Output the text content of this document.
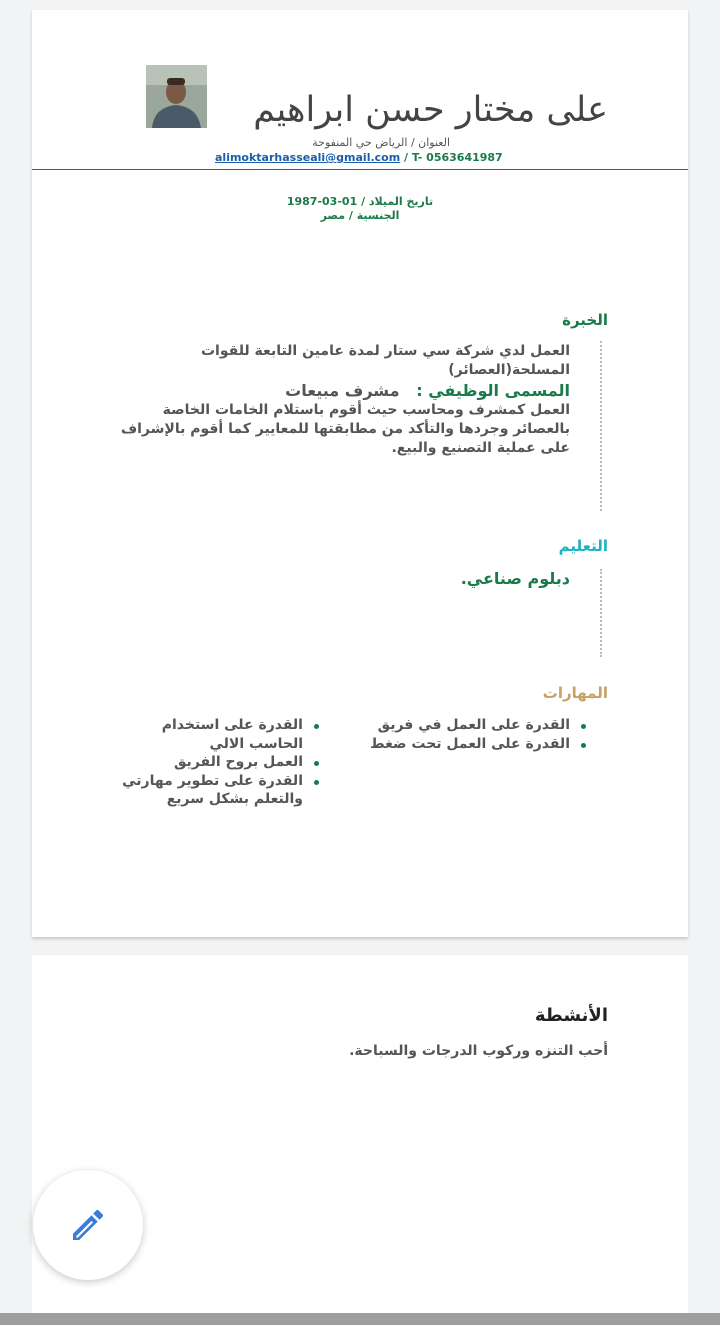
على مختار حسن ابراهيم
العنوان / الرياض حي المنفوحة
alimoktarhasseali@gmail.com / T- 0563641987
تاريخ الميلاد / 01-03-1987
الجنسية / مصر
الخبرة
العمل لدي شركة سي ستار لمدة عامين التابعة للقوات المسلحة(العصائر)
المسمى الوظيفي :   مشرف مبيعات
العمل كمشرف ومحاسب حيث أقوم باستلام الخامات الخاصة بالعصائر وجردها والتأكد من مطابقتها للمعايير كما أقوم بالإشراف على عملية التصنيع والبيع.
التعليم
دبلوم صناعي.
المهارات
القدرة على العمل في فريق
القدرة على العمل تحت ضغط
القدرة على استخدام الحاسب الالي
العمل بروح الفريق
القدرة على تطوير مهارتي والتعلم بشكل سريع
الأنشطة
أحب التنزه وركوب الدرجات والسباحة.
